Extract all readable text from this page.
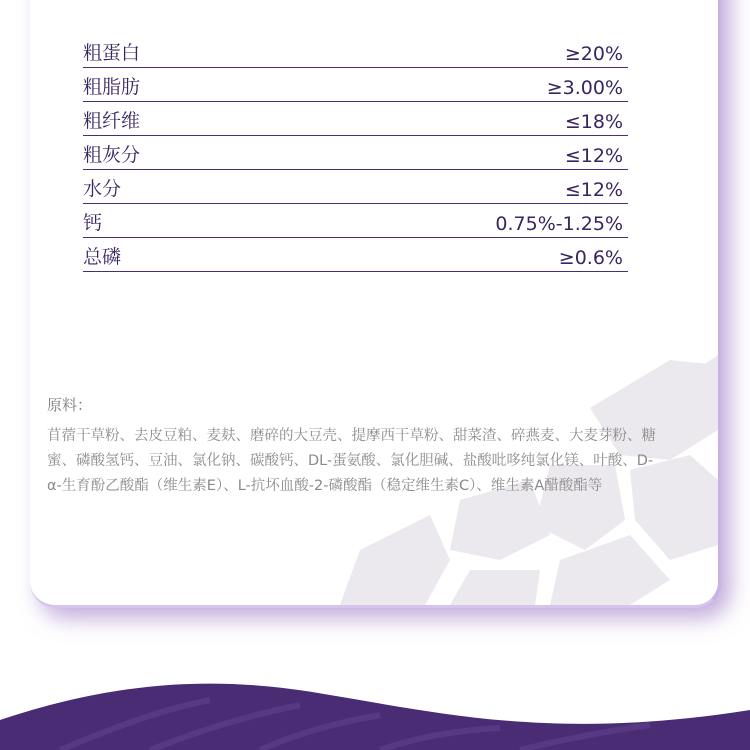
粗蛋白	≥20%
粗脂肪	≥3.00%
粗纤维	≤18%
粗灰分	≤12%
水分	≤12%
钙	0.75%-1.25%
总磷	≥0.6%
原料：
苜蓿干草粉、去皮豆粕、麦麸、磨碎的大豆壳、提摩西干草粉、甜菜渣、碎燕麦、大麦芽粉、糖蜜、磷酸氢钙、豆油、氯化钠、碳酸钙、DL-蛋氨酸、氯化胆碱、盐酸吡哆纯氯化镁、叶酸、D-α-生育酚乙酸酯（维生素E）、L-抗坏血酸-2-磷酸酯（稳定维生素C）、维生素A醋酸酯等
